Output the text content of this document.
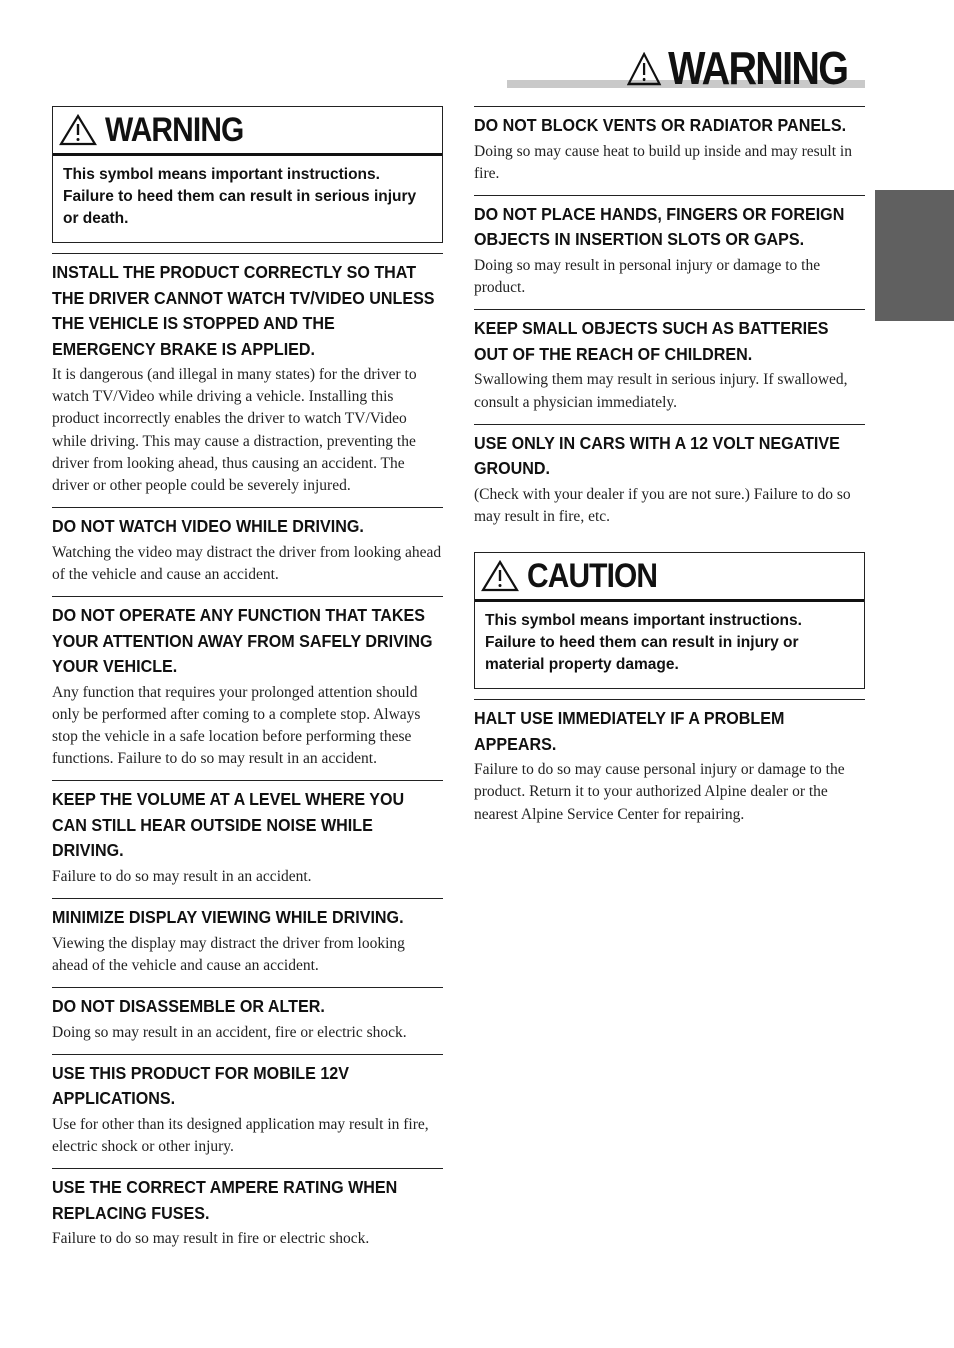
WARNING
WARNING
This symbol means important instructions. Failure to heed them can result in serious injury or death.
INSTALL THE PRODUCT CORRECTLY SO THAT THE DRIVER CANNOT WATCH TV/VIDEO UNLESS THE VEHICLE IS STOPPED AND THE EMERGENCY BRAKE IS APPLIED.

It is dangerous (and illegal in many states) for the driver to watch TV/Video while driving a vehicle. Installing this product incorrectly enables the driver to watch TV/Video while driving. This may cause a distraction, preventing the driver from looking ahead, thus causing an accident. The driver or other people could be severely injured.

DO NOT WATCH VIDEO WHILE DRIVING.

Watching the video may distract the driver from looking ahead of the vehicle and cause an accident.

DO NOT OPERATE ANY FUNCTION THAT TAKES YOUR ATTENTION AWAY FROM SAFELY DRIVING YOUR VEHICLE.

Any function that requires your prolonged attention should only be performed after coming to a complete stop. Always stop the vehicle in a safe location before performing these functions. Failure to do so may result in an accident.

KEEP THE VOLUME AT A LEVEL WHERE YOU CAN STILL HEAR OUTSIDE NOISE WHILE DRIVING.

Failure to do so may result in an accident.

MINIMIZE DISPLAY VIEWING WHILE DRIVING.

Viewing the display may distract the driver from looking ahead of the vehicle and cause an accident.

DO NOT DISASSEMBLE OR ALTER.

Doing so may result in an accident, fire or electric shock.

USE THIS PRODUCT FOR MOBILE 12V APPLICATIONS.

Use for other than its designed application may result in fire, electric shock or other injury.

USE THE CORRECT AMPERE RATING WHEN REPLACING FUSES.

Failure to do so may result in fire or electric shock.

DO NOT BLOCK VENTS OR RADIATOR PANELS.

Doing so may cause heat to build up inside and may result in fire.

DO NOT PLACE HANDS, FINGERS OR FOREIGN OBJECTS IN INSERTION SLOTS OR GAPS.

Doing so may result in personal injury or damage to the product.

KEEP SMALL OBJECTS SUCH AS BATTERIES OUT OF THE REACH OF CHILDREN.

Swallowing them may result in serious injury. If swallowed, consult a physician immediately.

USE ONLY IN CARS WITH A 12 VOLT NEGATIVE GROUND.

(Check with your dealer if you are not sure.) Failure to do so may result in fire, etc.

CAUTION
This symbol means important instructions. Failure to heed them can result in injury or material property damage.
HALT USE IMMEDIATELY IF A PROBLEM APPEARS.

Failure to do so may cause personal injury or damage to the product. Return it to your authorized Alpine dealer or the nearest Alpine Service Center for repairing.
